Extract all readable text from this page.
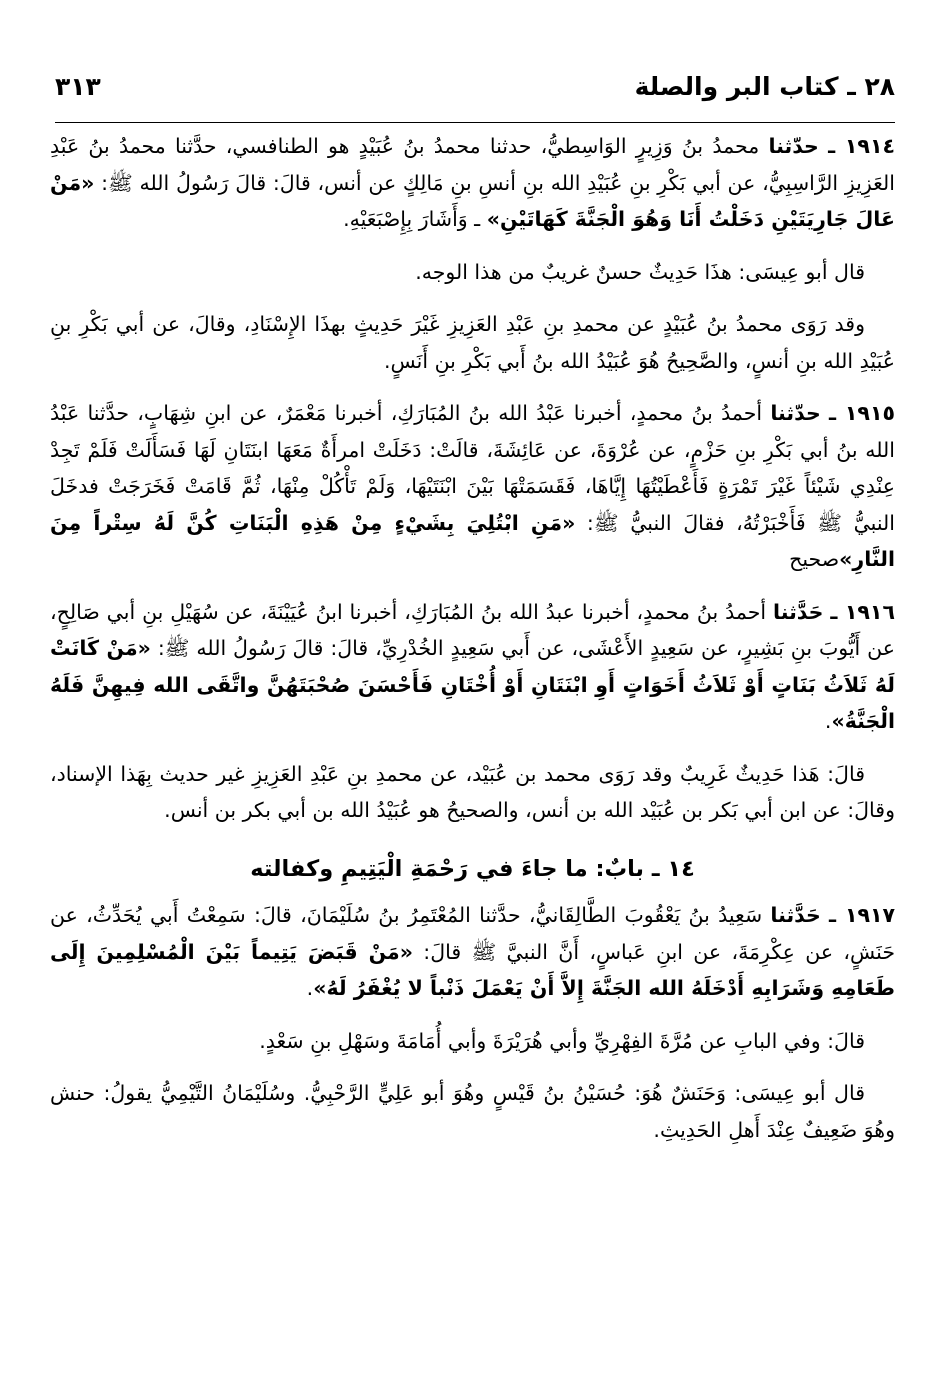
٢٨ ـ كتاب البر والصلة
٣١٣

١٩١٤ ـ حدّثنا محمدُ بنُ وَزِيرٍ الوَاسِطيُّ، حدثنا محمدُ بنُ عُبَيْدٍ هو الطنافسي، حدَّثنا محمدُ بنُ عَبْدِ العَزِيزِ الرَّاسِبِيُّ، عن أبي بَكْرِ بنِ عُبَيْدِ الله بنِ أنسِ بنِ مَالِكٍ عن أنس، قالَ: قالَ رَسُولُ الله ﷺ: «مَنْ عَالَ جَارِيَتَيْنِ دَخَلْتُ أَنَا وَهُوَ الْجَنَّةَ كَهَاتَيْنِ» ـ وَأَشَارَ بِإِصْبَعَيْهِ.

قال أبو عِيسَى: هذَا حَدِيثٌ حسنٌ غريبٌ من هذا الوجه.

وقد رَوَى محمدُ بنُ عُبَيْدٍ عن محمدِ بنِ عَبْدِ العَزِيزِ غَيْرَ حَدِيثٍ بهذَا الإِسْنَادِ، وقالَ، عن أبي بَكْرِ بنِ عُبَيْدِ الله بنِ أنسٍ، والصَّحِيحُ هُوَ عُبَيْدُ الله بنُ أَبي بَكْرِ بنِ أَنَسٍ.

١٩١٥ ـ حدّثنا أحمدُ بنُ محمدٍ، أخبرنا عَبْدُ الله بنُ المُبَارَكِ، أخبرنا مَعْمَرٌ، عن ابنِ شِهَابٍ، حدَّثنا عَبْدُ الله بنُ أبي بَكْرِ بنِ حَزْمٍ، عن عُرْوَةَ، عن عَائِشَةَ، قالَتْ: دَخَلَتْ امرأَةٌ مَعَهَا ابنَتَانِ لَهَا فَسَأَلَتْ فَلَمْ تَجِدْ عِنْدِي شَيْئاً غَيْرَ تَمْرَةٍ فَأَعْطَيْتُهَا إِيَّاهَا، فَقَسَمَتْهَا بَيْنَ ابْنَتَيْهَا، وَلَمْ تَأْكُلْ مِنْهَا، ثُمَّ قَامَتْ فَخَرَجَتْ فدخَلَ النبيُّ ﷺ فَأَخْبَرْتُهُ، فقالَ النبيُّ ﷺ: «مَنِ ابْتُلِيَ بِشَيْءٍ مِنْ هَذِهِ الْبَنَاتِ كُنَّ لَهُ سِتْراً مِنَ النَّارِ»صحيح

١٩١٦ ـ حَدَّثنا أحمدُ بنُ محمدٍ، أخبرنا عبدُ الله بنُ المُبَارَكِ، أخبرنا ابنُ عُيَيْنَةَ، عن سُهَيْلِ بنِ أبي صَالِحٍ، عن أَيُّوبَ بنِ بَشِيرٍ، عن سَعِيدٍ الأَعْشَى، عن أَبي سَعِيدٍ الخُدْرِيِّ، قالَ: قالَ رَسُولُ الله ﷺ: «مَنْ كَانَتْ لَهُ ثَلاَثُ بَنَاتٍ أَوْ ثَلاَثُ أَخَوَاتٍ أَوِ ابْنَتَانِ أَوْ أُخْتَانِ فَأَحْسَنَ صُحْبَتَهُنَّ واتَّقَى الله فِيهِنَّ فَلَهُ الْجَنَّةُ».

قالَ: هَذا حَدِيثٌ غَرِيبٌ وقد رَوَى محمد بن عُبَيْد، عن محمدِ بنِ عَبْدِ العَزِيزِ غير حديث بِهَذا الإسناد، وقالَ: عن ابن أبي بَكر بن عُبَيْد الله بن أنس، والصحيحُ هو عُبَيْدُ الله بن أبي بكر بن أنس.

١٤ ـ بابٌ: ما جاءَ في رَحْمَةِ الْيَتِيمِ وكفالته

١٩١٧ ـ حَدَّثنا سَعِيدُ بنُ يَعْقُوبَ الطَّالِقَانيُّ، حدَّثنا المُعْتَمِرُ بنُ سُلَيْمَانَ، قالَ: سَمِعْتُ أَبي يُحَدِّثُ، عن حَنَشٍ، عن عِكْرِمَةَ، عن ابنِ عَباسٍ، أَنَّ النبيَّ ﷺ قالَ: «مَنْ قَبَضَ يَتِيماً بَيْنَ الْمُسْلِمِينَ إِلَى طَعَامِهِ وَشَرَابِهِ أَدْخَلَهُ الله الجَنَّةَ إِلاَّ أَنْ يَعْمَلَ ذَنْباً لا يُغْفَرُ لَهُ».

قالَ: وفي البابِ عن مُرَّةَ الفِهْرِيِّ وأبي هُرَيْرَةَ وأبي أُمَامَةَ وسَهْلِ بنِ سَعْدٍ.

قال أبو عِيسَى: وَحَنَشٌ هُوَ: حُسَيْنُ بنُ قَيْسٍ وهُوَ أبو عَلِيٍّ الرَّحْبِيُّ. وسُلَيْمَانُ التَّيْمِيُّ يقولُ: حنش وهُوَ ضَعِيفٌ عِنْدَ أَهلِ الحَدِيثِ.
